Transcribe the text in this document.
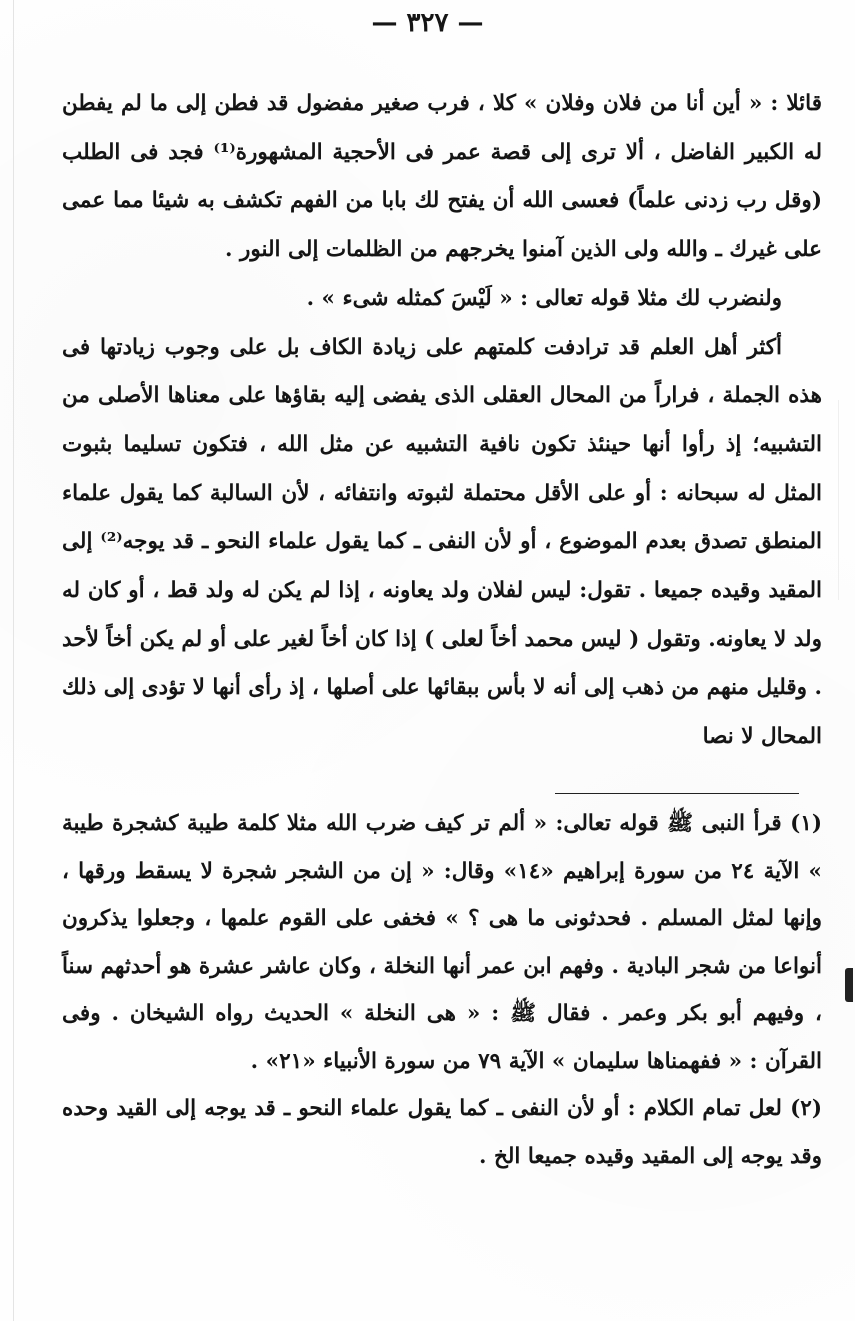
— ٣٢٧ —

قائلا : « أين أنا من فلان وفلان » كلا ، فرب صغير مفضول قد فطن إلى ما لم يفطن له الكبير الفاضل ، ألا ترى إلى قصة عمر فى الأحجية المشهورة⁽¹⁾ فجد فى الطلب (وقل رب زدنى علماً) فعسى الله أن يفتح لك بابا من الفهم تكشف به شيئا مما عمى على غيرك ـ والله ولى الذين آمنوا يخرجهم من الظلمات إلى النور .

ولنضرب لك مثلا قوله تعالى : « لَيْسَ كمثله شىء » .

أكثر أهل العلم قد ترادفت كلمتهم على زيادة الكاف بل على وجوب زيادتها فى هذه الجملة ، فراراً من المحال العقلى الذى يفضى إليه بقاؤها على معناها الأصلى من التشبيه؛ إذ رأوا أنها حينئذ تكون نافية التشبيه عن مثل الله ، فتكون تسليما بثبوت المثل له سبحانه : أو على الأقل محتملة لثبوته وانتفائه ، لأن السالبة كما يقول علماء المنطق تصدق بعدم الموضوع ، أو لأن النفى ـ كما يقول علماء النحو ـ قد يوجه⁽²⁾ إلى المقيد وقيده جميعا . تقول: ليس لفلان ولد يعاونه ، إذا لم يكن له ولد قط ، أو كان له ولد لا يعاونه. وتقول ( ليس محمد أخاً لعلى ) إذا كان أخاً لغير على أو لم يكن أخاً لأحد . وقليل منهم من ذهب إلى أنه لا بأس ببقائها على أصلها ، إذ رأى أنها لا تؤدى إلى ذلك المحال لا نصا

(١) قرأ النبى ﷺ قوله تعالى: « ألم تر كيف ضرب الله مثلا كلمة طيبة كشجرة طيبة » الآية ٢٤ من سورة إبراهيم «١٤» وقال: « إن من الشجر شجرة لا يسقط ورقها ، وإنها لمثل المسلم . فحدثونى ما هى ؟ » فخفى على القوم علمها ، وجعلوا يذكرون أنواعا من شجر البادية . وفهم ابن عمر أنها النخلة ، وكان عاشر عشرة هو أحدثهم سناً ، وفيهم أبو بكر وعمر . فقال ﷺ : « هى النخلة » الحديث رواه الشيخان . وفى القرآن : « ففهمناها سليمان » الآية ٧٩ من سورة الأنبياء «٢١» .

(٢) لعل تمام الكلام : أو لأن النفى ـ كما يقول علماء النحو ـ قد يوجه إلى القيد وحده وقد يوجه إلى المقيد وقيده جميعا الخ .
